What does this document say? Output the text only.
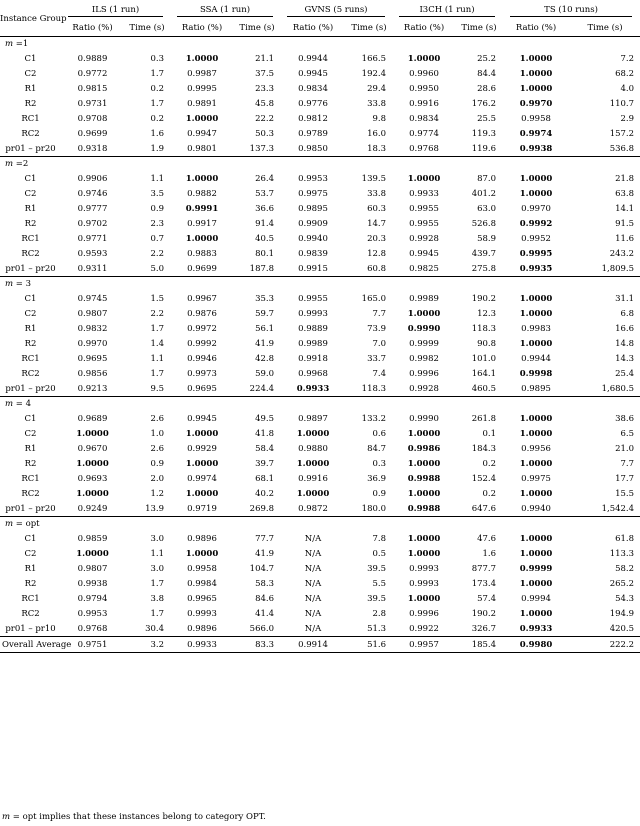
Instance Group	ILS (1 run)		SSA (1 run)		GVNS (5 runs)		I3CH (1 run)		TS (10 runs)	
	Ratio (%)	Time (s)	Ratio (%)	Time (s)	Ratio (%)	Time (s)	Ratio (%)	Time (s)	Ratio (%)	Time (s)
m =1										
C1	0.9889	0.3	1.0000	21.1	0.9944	166.5	1.0000	25.2	1.0000	7.2
C2	0.9772	1.7	0.9987	37.5	0.9945	192.4	0.9960	84.4	1.0000	68.2
R1	0.9815	0.2	0.9995	23.3	0.9834	29.4	0.9950	28.6	1.0000	4.0
R2	0.9731	1.7	0.9891	45.8	0.9776	33.8	0.9916	176.2	0.9970	110.7
RC1	0.9708	0.2	1.0000	22.2	0.9812	9.8	0.9834	25.5	0.9958	2.9
RC2	0.9699	1.6	0.9947	50.3	0.9789	16.0	0.9774	119.3	0.9974	157.2
pr01 – pr20	0.9318	1.9	0.9801	137.3	0.9850	18.3	0.9768	119.6	0.9938	536.8
m =2										
C1	0.9906	1.1	1.0000	26.4	0.9953	139.5	1.0000	87.0	1.0000	21.8
C2	0.9746	3.5	0.9882	53.7	0.9975	33.8	0.9933	401.2	1.0000	63.8
R1	0.9777	0.9	0.9991	36.6	0.9895	60.3	0.9955	63.0	0.9970	14.1
R2	0.9702	2.3	0.9917	91.4	0.9909	14.7	0.9955	526.8	0.9992	91.5
RC1	0.9771	0.7	1.0000	40.5	0.9940	20.3	0.9928	58.9	0.9952	11.6
RC2	0.9593	2.2	0.9883	80.1	0.9839	12.8	0.9945	439.7	0.9995	243.2
pr01 – pr20	0.9311	5.0	0.9699	187.8	0.9915	60.8	0.9825	275.8	0.9935	1,809.5
m = 3										
C1	0.9745	1.5	0.9967	35.3	0.9955	165.0	0.9989	190.2	1.0000	31.1
C2	0.9807	2.2	0.9876	59.7	0.9993	7.7	1.0000	12.3	1.0000	6.8
R1	0.9832	1.7	0.9972	56.1	0.9889	73.9	0.9990	118.3	0.9983	16.6
R2	0.9970	1.4	0.9992	41.9	0.9989	7.0	0.9999	90.8	1.0000	14.8
RC1	0.9695	1.1	0.9946	42.8	0.9918	33.7	0.9982	101.0	0.9944	14.3
RC2	0.9856	1.7	0.9973	59.0	0.9968	7.4	0.9996	164.1	0.9998	25.4
pr01 – pr20	0.9213	9.5	0.9695	224.4	0.9933	118.3	0.9928	460.5	0.9895	1,680.5
m = 4										
C1	0.9689	2.6	0.9945	49.5	0.9897	133.2	0.9990	261.8	1.0000	38.6
C2	1.0000	1.0	1.0000	41.8	1.0000	0.6	1.0000	0.1	1.0000	6.5
R1	0.9670	2.6	0.9929	58.4	0.9880	84.7	0.9986	184.3	0.9956	21.0
R2	1.0000	0.9	1.0000	39.7	1.0000	0.3	1.0000	0.2	1.0000	7.7
RC1	0.9693	2.0	0.9974	68.1	0.9916	36.9	0.9988	152.4	0.9975	17.7
RC2	1.0000	1.2	1.0000	40.2	1.0000	0.9	1.0000	0.2	1.0000	15.5
pr01 – pr20	0.9249	13.9	0.9719	269.8	0.9872	180.0	0.9988	647.6	0.9940	1,542.4
m = opt										
C1	0.9859	3.0	0.9896	77.7	N/A	7.8	1.0000	47.6	1.0000	61.8
C2	1.0000	1.1	1.0000	41.9	N/A	0.5	1.0000	1.6	1.0000	113.3
R1	0.9807	3.0	0.9958	104.7	N/A	39.5	0.9993	877.7	0.9999	58.2
R2	0.9938	1.7	0.9984	58.3	N/A	5.5	0.9993	173.4	1.0000	265.2
RC1	0.9794	3.8	0.9965	84.6	N/A	39.5	1.0000	57.4	0.9994	54.3
RC2	0.9953	1.7	0.9993	41.4	N/A	2.8	0.9996	190.2	1.0000	194.9
pr01 – pr10	0.9768	30.4	0.9896	566.0	N/A	51.3	0.9922	326.7	0.9933	420.5
Overall Average	0.9751	3.2	0.9933	83.3	0.9914	51.6	0.9957	185.4	0.9980	222.2
m = opt implies that these instances belong to category OPT.
